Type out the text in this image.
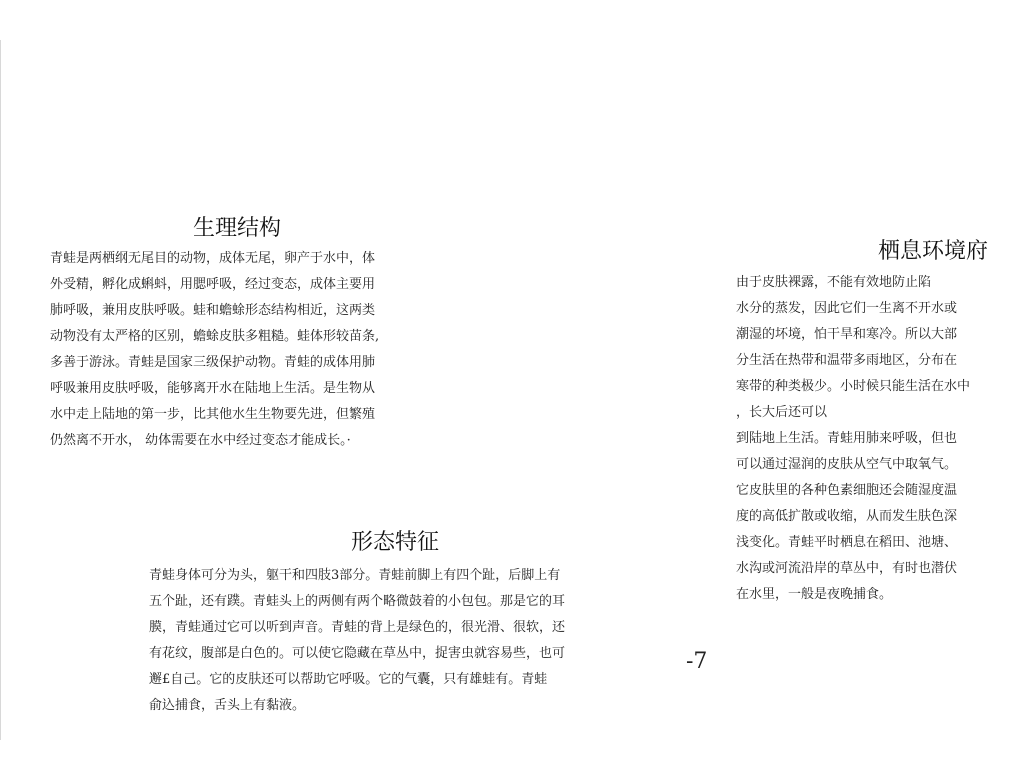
生理结构
青蛙是两栖纲无尾目的动物，成体无尾，卵产于水中，体
外受精，孵化成蝌蚪，用腮呼吸，经过变态，成体主要用
肺呼吸，兼用皮肤呼吸。蛙和蟾蜍形态结构相近，这两类
动物没有太严格的区别，蟾蜍皮肤多粗糙。蛙体形较苗条,
多善于游泳。青蛙是国家三级保护动物。青蛙的成体用肺
呼吸兼用皮肤呼吸，能够离开水在陆地上生活。是生物从
水中走上陆地的第一步，比其他水生生物要先进，但繁殖
仍然离不开水， 幼体需要在水中经过变态才能成长。·
栖息环境府
由于皮肤裸露，不能有效地防止陷
水分的蒸发，因此它们一生离不开水或
潮湿的坏境，怕干旱和寒冷。所以大部
分生活在热带和温带多雨地区，分布在
寒带的种类极少。小时候只能生活在水中
，长大后还可以
到陆地上生活。青蛙用肺来呼吸，但也
可以通过湿润的皮肤从空气中取氧气。
它皮肤里的各种色素细胞还会随湿度温
度的高低扩散或收缩，从而发生肤色深
浅变化。青蛙平时栖息在稻田、池塘、
水沟或河流沿岸的草丛中，有时也潜伏
在水里，一般是夜晚捕食。
形态特征
青蛙身体可分为头，躯干和四肢3部分。青蛙前脚上有四个趾，后脚上有
五个趾，还有蹼。青蛙头上的两侧有两个略微鼓着的小包包。那是它的耳
膜，青蛙通过它可以听到声音。青蛙的背上是绿色的，很光滑、很软，还
有花纹，腹部是白色的。可以使它隐藏在草丛中，捉害虫就容易些，也可
邂£自己。它的皮肤还可以帮助它呼吸。它的气囊，只有雄蛙有。青蛙
俞込捕食，舌头上有黏液。
-7
